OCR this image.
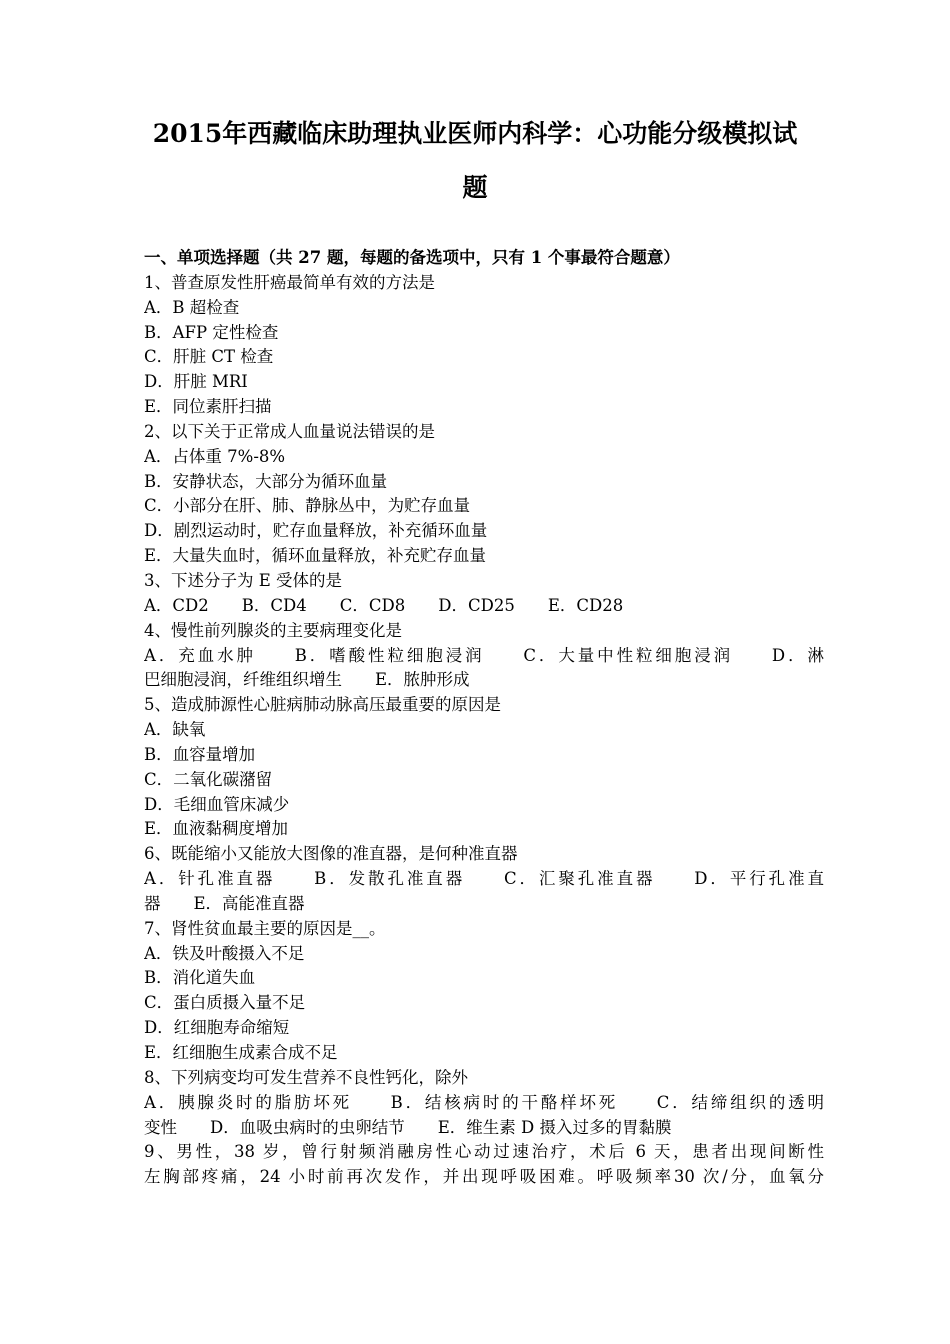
2015年西藏临床助理执业医师内科学：心功能分级模拟试
题
一、单项选择题（共 27 题，每题的备选项中，只有 1 个事最符合题意）
1、普查原发性肝癌最简单有效的方法是
A．B 超检查
B．AFP 定性检查
C．肝脏 CT 检查
D．肝脏 MRI
E．同位素肝扫描
2、以下关于正常成人血量说法错误的是
A．占体重 7%-8%
B．安静状态，大部分为循环血量
C．小部分在肝、肺、静脉丛中，为贮存血量
D．剧烈运动时，贮存血量释放，补充循环血量
E．大量失血时，循环血量释放，补充贮存血量
3、下述分子为 E 受体的是
A．CD2 B．CD4 C．CD8 D．CD25 E．CD28
4、慢性前列腺炎的主要病理变化是
A．充血水肿　　B．嗜酸性粒细胞浸润　　C．大量中性粒细胞浸润　　D．淋
巴细胞浸润，纤维组织增生　　E．脓肿形成
5、造成肺源性心脏病肺动脉高压最重要的原因是
A．缺氧
B．血容量增加
C．二氧化碳潴留
D．毛细血管床减少
E．血液黏稠度增加
6、既能缩小又能放大图像的准直器，是何种准直器
A．针孔准直器　　B．发散孔准直器　　C．汇聚孔准直器　　D．平行孔准直
器　　E．高能准直器
7、肾性贫血最主要的原因是__。
A．铁及叶酸摄入不足
B．消化道失血
C．蛋白质摄入量不足
D．红细胞寿命缩短
E．红细胞生成素合成不足
8、下列病变均可发生营养不良性钙化，除外
A．胰腺炎时的脂肪坏死　　B．结核病时的干酪样坏死　　C．结缔组织的透明
变性　　D．血吸虫病时的虫卵结节　　E．维生素 D 摄入过多的胃黏膜
9、男性，38 岁，曾行射频消融房性心动过速治疗，术后 6 天，患者出现间断性
左胸部疼痛，24 小时前再次发作，并出现呼吸困难。呼吸频率30 次/分，血氧分
